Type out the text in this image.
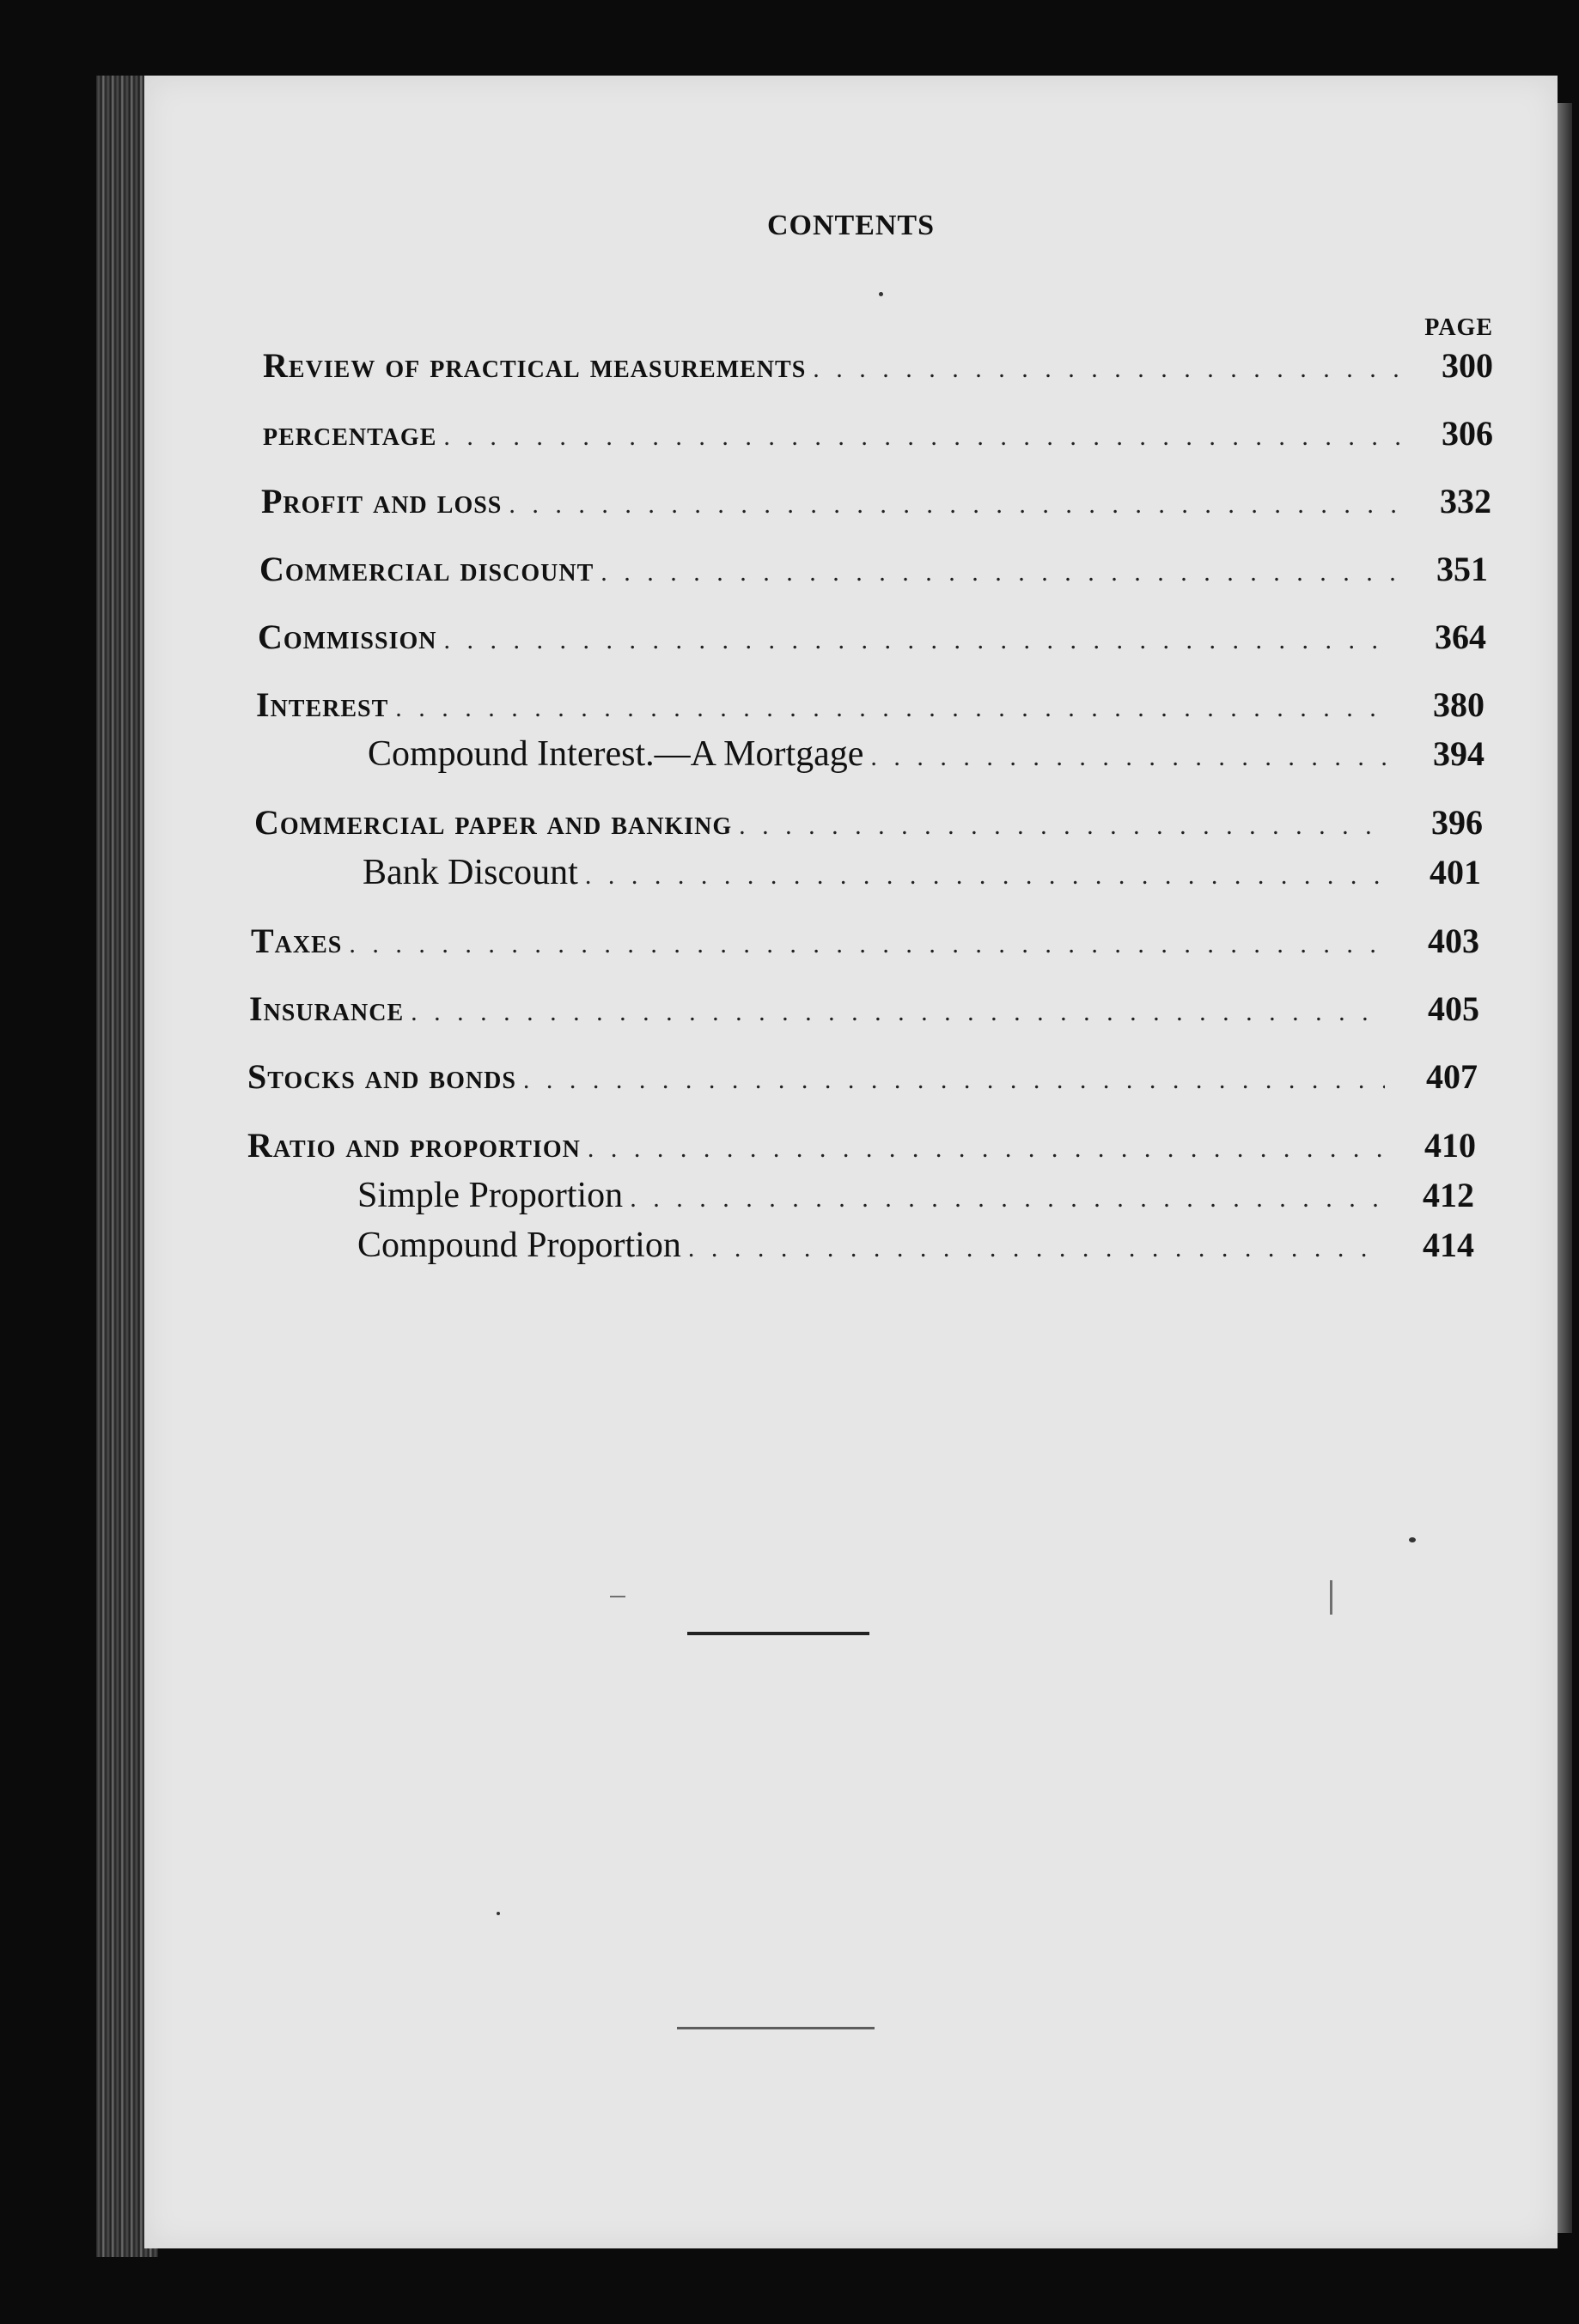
CONTENTS
PAGE
Review of practical measurements . . .	300
percentage . . .	306
Profit and loss . . .	332
Commercial discount . . .	351
Commission . . .	364
Interest . . .	380
Compound Interest.—A Mortgage . . .	394
Commercial paper and banking . . .	396
Bank Discount . . .	401
Taxes . . .	403
Insurance . . .	405
Stocks and bonds . . .	407
Ratio and proportion . . .	410
Simple Proportion . . .	412
Compound Proportion . . .	414
